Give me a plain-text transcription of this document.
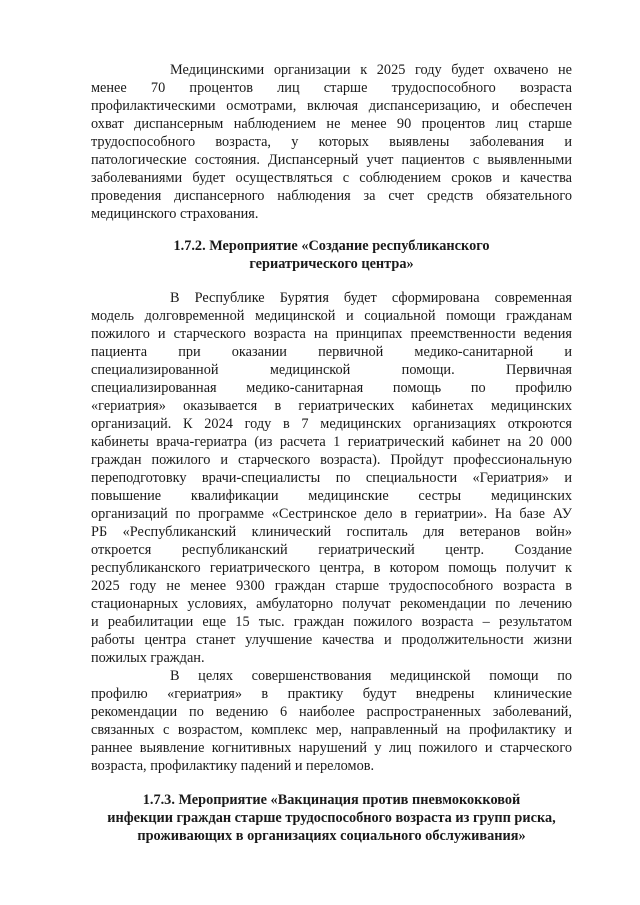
Медицинскими организации к 2025 году будет охвачено не

менее 70 процентов лиц старше трудоспособного возраста

профилактическими осмотрами, включая диспансеризацию, и обеспечен

охват диспансерным наблюдением не менее 90 процентов лиц старше

трудоспособного возраста, у которых выявлены заболевания и

патологические состояния. Диспансерный учет пациентов с выявленными

заболеваниями будет осуществляться с соблюдением сроков и качества

проведения диспансерного наблюдения за счет средств обязательного

медицинского страхования.

1.7.2. Мероприятие «Создание республиканского

гериатрического центра»

В Республике Бурятия будет сформирована современная

модель долговременной медицинской и социальной помощи гражданам

пожилого и старческого возраста на принципах преемственности ведения

пациента при оказании первичной медико-санитарной и

специализированной медицинской помощи. Первичная

специализированная медико-санитарная помощь по профилю

«гериатрия» оказывается в гериатрических кабинетах медицинских

организаций. К 2024 году в 7 медицинских организациях откроются

кабинеты врача-гериатра (из расчета 1 гериатрический кабинет на 20 000

граждан пожилого и старческого возраста). Пройдут профессиональную

переподготовку врачи-специалисты по специальности «Гериатрия» и

повышение квалификации медицинские сестры медицинских

организаций по программе «Сестринское дело в гериатрии». На базе АУ

РБ «Республиканский клинический госпиталь для ветеранов войн»

откроется республиканский гериатрический центр. Создание

республиканского гериатрического центра, в котором помощь получит к

2025 году не менее 9300 граждан старше трудоспособного возраста в

стационарных условиях, амбулаторно получат рекомендации по лечению

и реабилитации еще 15 тыс. граждан пожилого возраста – результатом

работы центра станет улучшение качества и продолжительности жизни

пожилых граждан.

В целях совершенствования медицинской помощи по

профилю «гериатрия» в практику будут внедрены клинические

рекомендации по ведению 6 наиболее распространенных заболеваний,

связанных с возрастом, комплекс мер, направленный на профилактику и

раннее выявление когнитивных нарушений у лиц пожилого и старческого

возраста, профилактику падений и переломов.

1.7.3. Мероприятие «Вакцинация против пневмококковой

инфекции граждан старше трудоспособного возраста из групп риска,

проживающих в организациях социального обслуживания»
